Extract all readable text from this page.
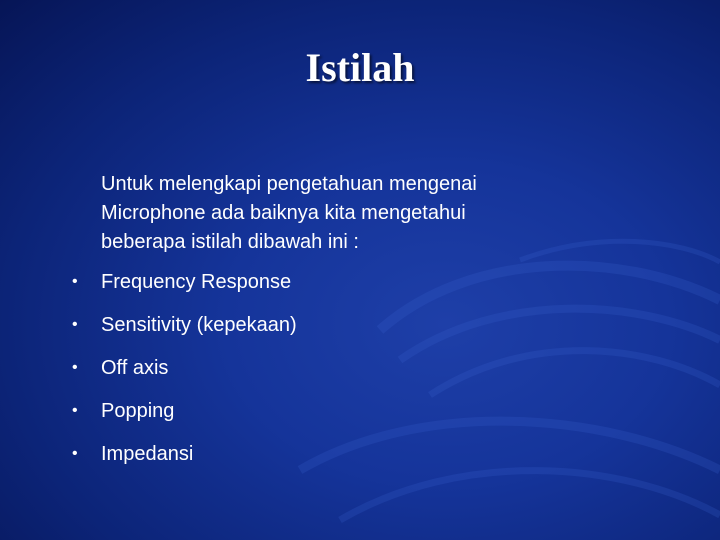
Istilah
Untuk melengkapi pengetahuan mengenai
Microphone ada baiknya kita mengetahui
beberapa istilah dibawah ini :
• Frequency Response
• Sensitivity (kepekaan)
• Off axis
• Popping
• Impedansi
